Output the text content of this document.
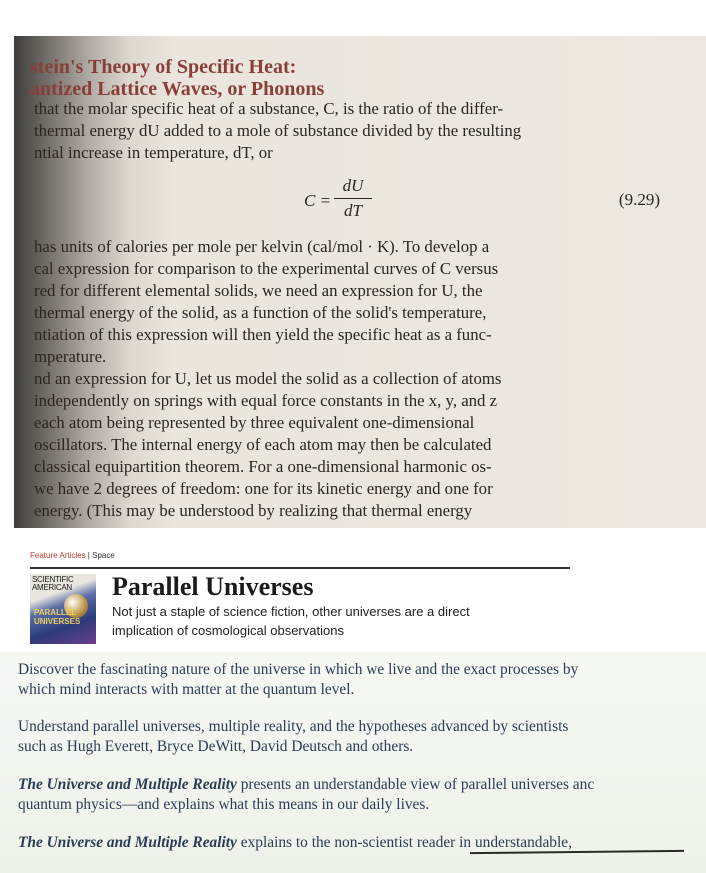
stein's Theory of Specific Heat:
antized Lattice Waves, or Phonons

that the molar specific heat of a substance, C, is the ratio of the differ-

thermal energy dU added to a mole of substance divided by the resulting

ntial increase in temperature, dT, or

C =
dU
dT
(9.29)

has units of calories per mole per kelvin (cal/mol · K). To develop a

cal expression for comparison to the experimental curves of C versus

red for different elemental solids, we need an expression for U, the

thermal energy of the solid, as a function of the solid's temperature,

ntiation of this expression will then yield the specific heat as a func-

mperature.

nd an expression for U, let us model the solid as a collection of atoms

independently on springs with equal force constants in the x, y, and z

each atom being represented by three equivalent one-dimensional

oscillators. The internal energy of each atom may then be calculated

classical equipartition theorem. For a one-dimensional harmonic os-

we have 2 degrees of freedom: one for its kinetic energy and one for

energy. (This may be understood by realizing that thermal energy

Feature Articles | Space
SCIENTIFIC AMERICAN
PARALLEL UNIVERSES
Parallel Universes

Not just a staple of science fiction, other universes are a direct implication of cosmological observations

Discover the fascinating nature of the universe in which we live and the exact processes by

which mind interacts with matter at the quantum level.

Understand parallel universes, multiple reality, and the hypotheses advanced by scientists

such as Hugh Everett, Bryce DeWitt, David Deutsch and others.

The Universe and Multiple Reality presents an understandable view of parallel universes anc

quantum physics—and explains what this means in our daily lives.

The Universe and Multiple Reality explains to the non-scientist reader in understandable,
